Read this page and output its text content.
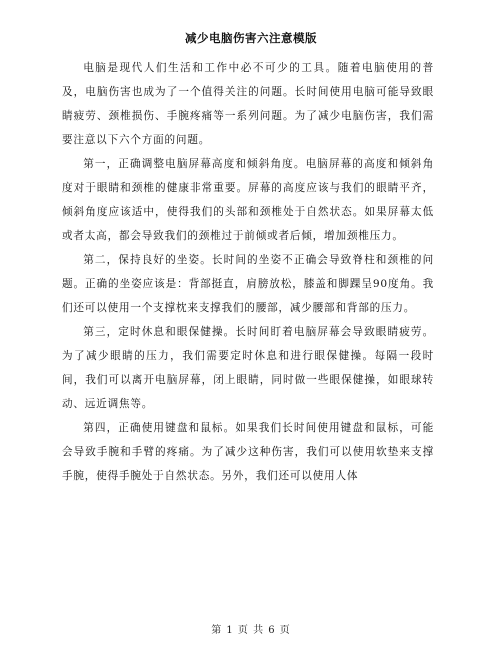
减少电脑伤害六注意模版

电脑是现代人们生活和工作中必不可少的工具。随着电脑使用的普及，电脑伤害也成为了一个值得关注的问题。长时间使用电脑可能导致眼睛疲劳、颈椎损伤、手腕疼痛等一系列问题。为了减少电脑伤害，我们需要注意以下六个方面的问题。

第一，正确调整电脑屏幕高度和倾斜角度。电脑屏幕的高度和倾斜角度对于眼睛和颈椎的健康非常重要。屏幕的高度应该与我们的眼睛平齐，倾斜角度应该适中，使得我们的头部和颈椎处于自然状态。如果屏幕太低或者太高，都会导致我们的颈椎过于前倾或者后倾，增加颈椎压力。

第二，保持良好的坐姿。长时间的坐姿不正确会导致脊柱和颈椎的问题。正确的坐姿应该是：背部挺直，肩膀放松，膝盖和脚踝呈90度角。我们还可以使用一个支撑枕来支撑我们的腰部，减少腰部和背部的压力。

第三，定时休息和眼保健操。长时间盯着电脑屏幕会导致眼睛疲劳。为了减少眼睛的压力，我们需要定时休息和进行眼保健操。每隔一段时间，我们可以离开电脑屏幕，闭上眼睛，同时做一些眼保健操，如眼球转动、远近调焦等。

第四，正确使用键盘和鼠标。如果我们长时间使用键盘和鼠标，可能会导致手腕和手臂的疼痛。为了减少这种伤害，我们可以使用软垫来支撑手腕，使得手腕处于自然状态。另外，我们还可以使用人体

第 1 页 共 6 页
